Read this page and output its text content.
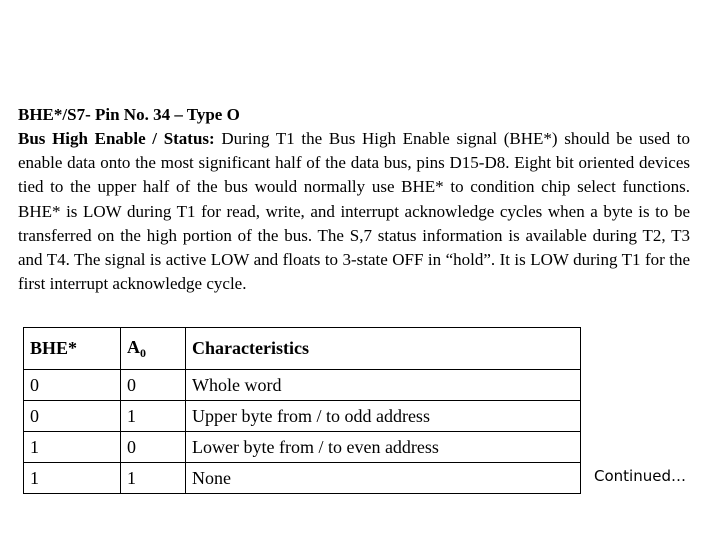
BHE*/S7- Pin No. 34 – Type O

Bus High Enable / Status: During T1 the Bus High Enable signal (BHE*) should be used to enable data onto the most significant half of the data bus, pins D15-D8. Eight bit oriented devices tied to the upper half of the bus would normally use BHE* to condition chip select functions. BHE* is LOW during T1 for read, write, and interrupt acknowledge cycles when a byte is to be transferred on the high portion of the bus. The S,7 status information is available during T2, T3 and T4. The signal is active LOW and floats to 3-state OFF in “hold”. It is LOW during T1 for the first interrupt acknowledge cycle.

BHE*	$A_0$	Characteristics
0	0	Whole word
0	1	Upper byte from / to odd address
1	0	Lower byte from / to even address
1	1	None	Continued…
